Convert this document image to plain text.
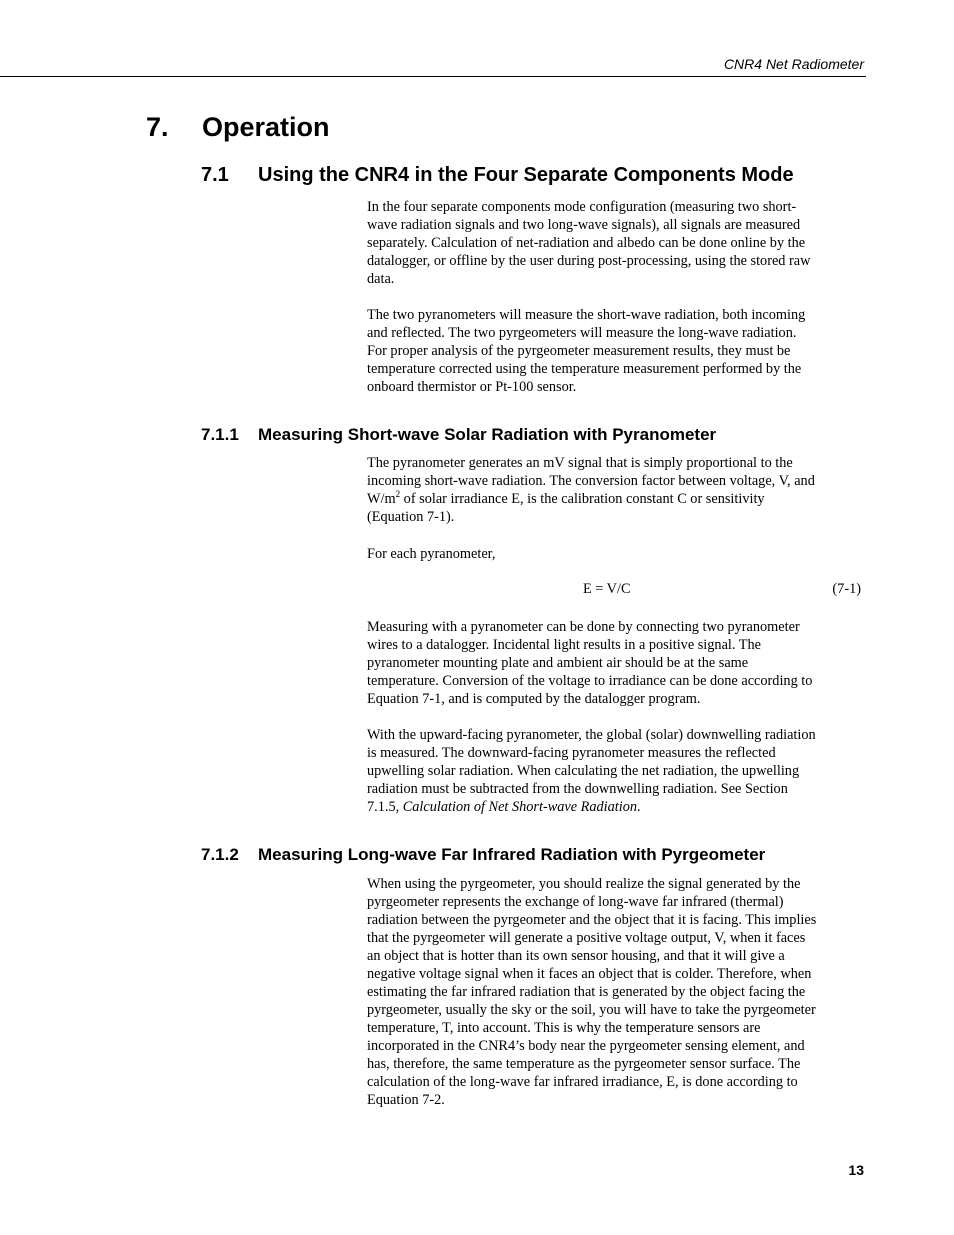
CNR4 Net Radiometer
7. Operation
7.1 Using the CNR4 in the Four Separate Components Mode
In the four separate components mode configuration (measuring two short-
wave radiation signals and two long-wave signals), all signals are measured
separately. Calculation of net-radiation and albedo can be done online by the
datalogger, or offline by the user during post-processing, using the stored raw
data.
The two pyranometers will measure the short-wave radiation, both incoming
and reflected. The two pyrgeometers will measure the long-wave radiation.
For proper analysis of the pyrgeometer measurement results, they must be
temperature corrected using the temperature measurement performed by the
onboard thermistor or Pt-100 sensor.
7.1.1 Measuring Short-wave Solar Radiation with Pyranometer
The pyranometer generates an mV signal that is simply proportional to the
incoming short-wave radiation. The conversion factor between voltage, V, and
$W/m^2$ of solar irradiance E, is the calibration constant C or sensitivity
(Equation 7-1).
For each pyranometer,
E = V/C	(7-1)
Measuring with a pyranometer can be done by connecting two pyranometer
wires to a datalogger. Incidental light results in a positive signal. The
pyranometer mounting plate and ambient air should be at the same
temperature. Conversion of the voltage to irradiance can be done according to
Equation 7-1, and is computed by the datalogger program.
With the upward-facing pyranometer, the global (solar) downwelling radiation
is measured. The downward-facing pyranometer measures the reflected
upwelling solar radiation. When calculating the net radiation, the upwelling
radiation must be subtracted from the downwelling radiation. See Section
7.1.5, Calculation of Net Short-wave Radiation.
7.1.2 Measuring Long-wave Far Infrared Radiation with Pyrgeometer
When using the pyrgeometer, you should realize the signal generated by the
pyrgeometer represents the exchange of long-wave far infrared (thermal)
radiation between the pyrgeometer and the object that it is facing. This implies
that the pyrgeometer will generate a positive voltage output, V, when it faces
an object that is hotter than its own sensor housing, and that it will give a
negative voltage signal when it faces an object that is colder. Therefore, when
estimating the far infrared radiation that is generated by the object facing the
pyrgeometer, usually the sky or the soil, you will have to take the pyrgeometer
temperature, T, into account. This is why the temperature sensors are
incorporated in the CNR4’s body near the pyrgeometer sensing element, and
has, therefore, the same temperature as the pyrgeometer sensor surface. The
calculation of the long-wave far infrared irradiance, E, is done according to
Equation 7-2.
13
